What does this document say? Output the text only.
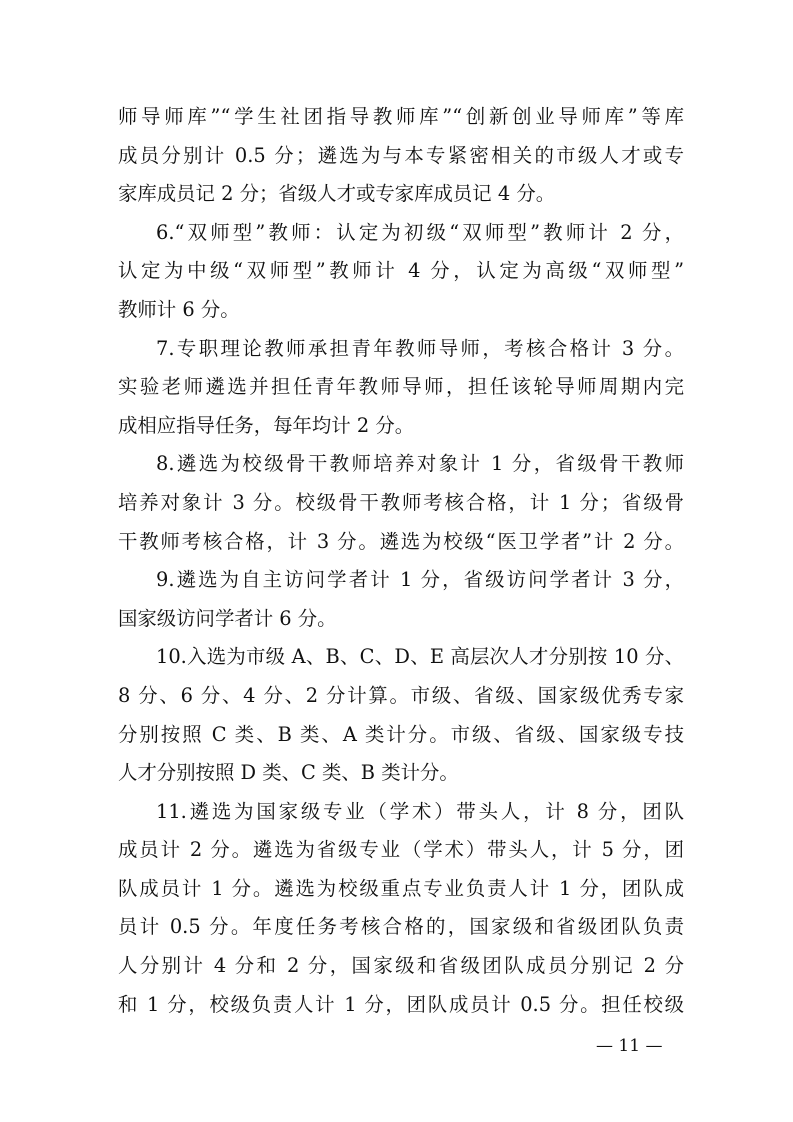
师导师库”“学生社团指导教师库”“创新创业导师库”等库
成员分别计 0.5 分；遴选为与本专紧密相关的市级人才或专
家库成员记 2 分；省级人才或专家库成员记 4 分。
6.“双师型”教师：认定为初级“双师型”教师计 2 分，
认定为中级“双师型”教师计 4 分，认定为高级“双师型”
教师计 6 分。
7.专职理论教师承担青年教师导师，考核合格计 3 分。
实验老师遴选并担任青年教师导师，担任该轮导师周期内完
成相应指导任务，每年均计 2 分。
8.遴选为校级骨干教师培养对象计 1 分，省级骨干教师
培养对象计 3 分。校级骨干教师考核合格，计 1 分；省级骨
干教师考核合格，计 3 分。遴选为校级“医卫学者”计 2 分。
9.遴选为自主访问学者计 1 分，省级访问学者计 3 分，
国家级访问学者计 6 分。
10.入选为市级 A、B、C、D、E 高层次人才分别按 10 分、
8 分、6 分、4 分、2 分计算。市级、省级、国家级优秀专家
分别按照 C 类、B 类、A 类计分。市级、省级、国家级专技
人才分别按照 D 类、C 类、B 类计分。
11.遴选为国家级专业（学术）带头人，计 8 分，团队
成员计 2 分。遴选为省级专业（学术）带头人，计 5 分，团
队成员计 1 分。遴选为校级重点专业负责人计 1 分，团队成
员计 0.5 分。年度任务考核合格的，国家级和省级团队负责
人分别计 4 分和 2 分，国家级和省级团队成员分别记 2 分
和 1 分，校级负责人计 1 分，团队成员计 0.5 分。担任校级
— 11 —
